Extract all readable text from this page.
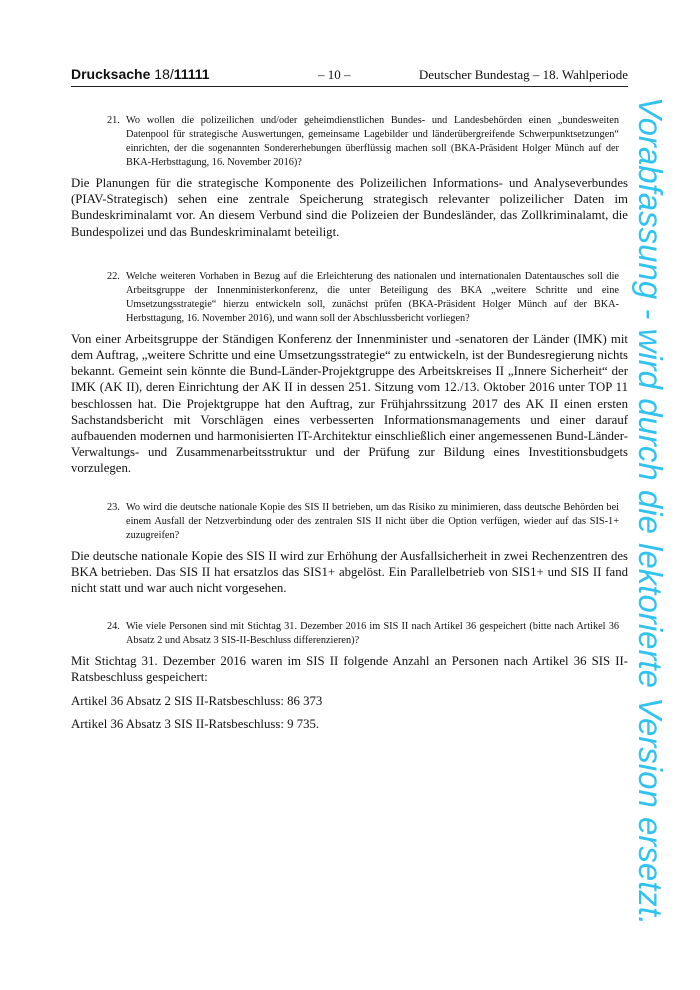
Drucksache 18/11111	– 10 –	Deutscher Bundestag – 18. Wahlperiode
21. Wo wollen die polizeilichen und/oder geheimdienstlichen Bundes- und Landesbehörden einen „bundesweiten Datenpool für strategische Auswertungen, gemeinsame Lagebilder und länderübergreifende Schwerpunktsetzungen“ einrichten, der die sogenannten Sondererhebungen überflüssig machen soll (BKA-Präsident Holger Münch auf der BKA-Herbsttagung, 16. November 2016)?

Die Planungen für die strategische Komponente des Polizeilichen Informations- und Analyseverbundes (PIAV-Strategisch) sehen eine zentrale Speicherung strategisch relevanter polizeilicher Daten im Bundeskriminalamt vor. An diesem Verbund sind die Polizeien der Bundesländer, das Zollkriminalamt, die Bundespolizei und das Bundeskriminalamt beteiligt.

22. Welche weiteren Vorhaben in Bezug auf die Erleichterung des nationalen und internationalen Datentausches soll die Arbeitsgruppe der Innenministerkonferenz, die unter Beteiligung des BKA „weitere Schritte und eine Umsetzungsstrategie“ hierzu entwickeln soll, zunächst prüfen (BKA-Präsident Holger Münch auf der BKA-Herbsttagung, 16. November 2016), und wann soll der Abschlussbericht vorliegen?

Von einer Arbeitsgruppe der Ständigen Konferenz der Innenminister und -senatoren der Länder (IMK) mit dem Auftrag, „weitere Schritte und eine Umsetzungsstrategie“ zu entwickeln, ist der Bundesregierung nichts bekannt. Gemeint sein könnte die Bund-Länder-Projektgruppe des Arbeitskreises II „Innere Sicherheit“ der IMK (AK II), deren Einrichtung der AK II in dessen 251. Sitzung vom 12./13. Oktober 2016 unter TOP 11 beschlossen hat. Die Projektgruppe hat den Auftrag, zur Frühjahrssitzung 2017 des AK II einen ersten Sachstandsbericht mit Vorschlägen eines verbesserten Informationsmanagements und einer darauf aufbauenden modernen und harmonisierten IT-Architektur einschließlich einer angemessenen Bund-Länder-Verwaltungs- und Zusammenarbeitsstruktur und der Prüfung zur Bildung eines Investitionsbudgets vorzulegen.

23. Wo wird die deutsche nationale Kopie des SIS II betrieben, um das Risiko zu minimieren, dass deutsche Behörden bei einem Ausfall der Netzverbindung oder des zentralen SIS II nicht über die Option verfügen, wieder auf das SIS-1+ zuzugreifen?

Die deutsche nationale Kopie des SIS II wird zur Erhöhung der Ausfallsicherheit in zwei Rechenzentren des BKA betrieben. Das SIS II hat ersatzlos das SIS1+ abgelöst. Ein Parallelbetrieb von SIS1+ und SIS II fand nicht statt und war auch nicht vorgesehen.

24. Wie viele Personen sind mit Stichtag 31. Dezember 2016 im SIS II nach Artikel 36 gespeichert (bitte nach Artikel 36 Absatz 2 und Absatz 3 SIS-II-Beschluss differenzieren)?

Mit Stichtag 31. Dezember 2016 waren im SIS II folgende Anzahl an Personen nach Artikel 36 SIS II-Ratsbeschluss gespeichert:

Artikel 36 Absatz 2 SIS II-Ratsbeschluss: 86 373

Artikel 36 Absatz 3 SIS II-Ratsbeschluss: 9 735.	Vorabfassung - wird durch die lektorierte Version ersetzt.
